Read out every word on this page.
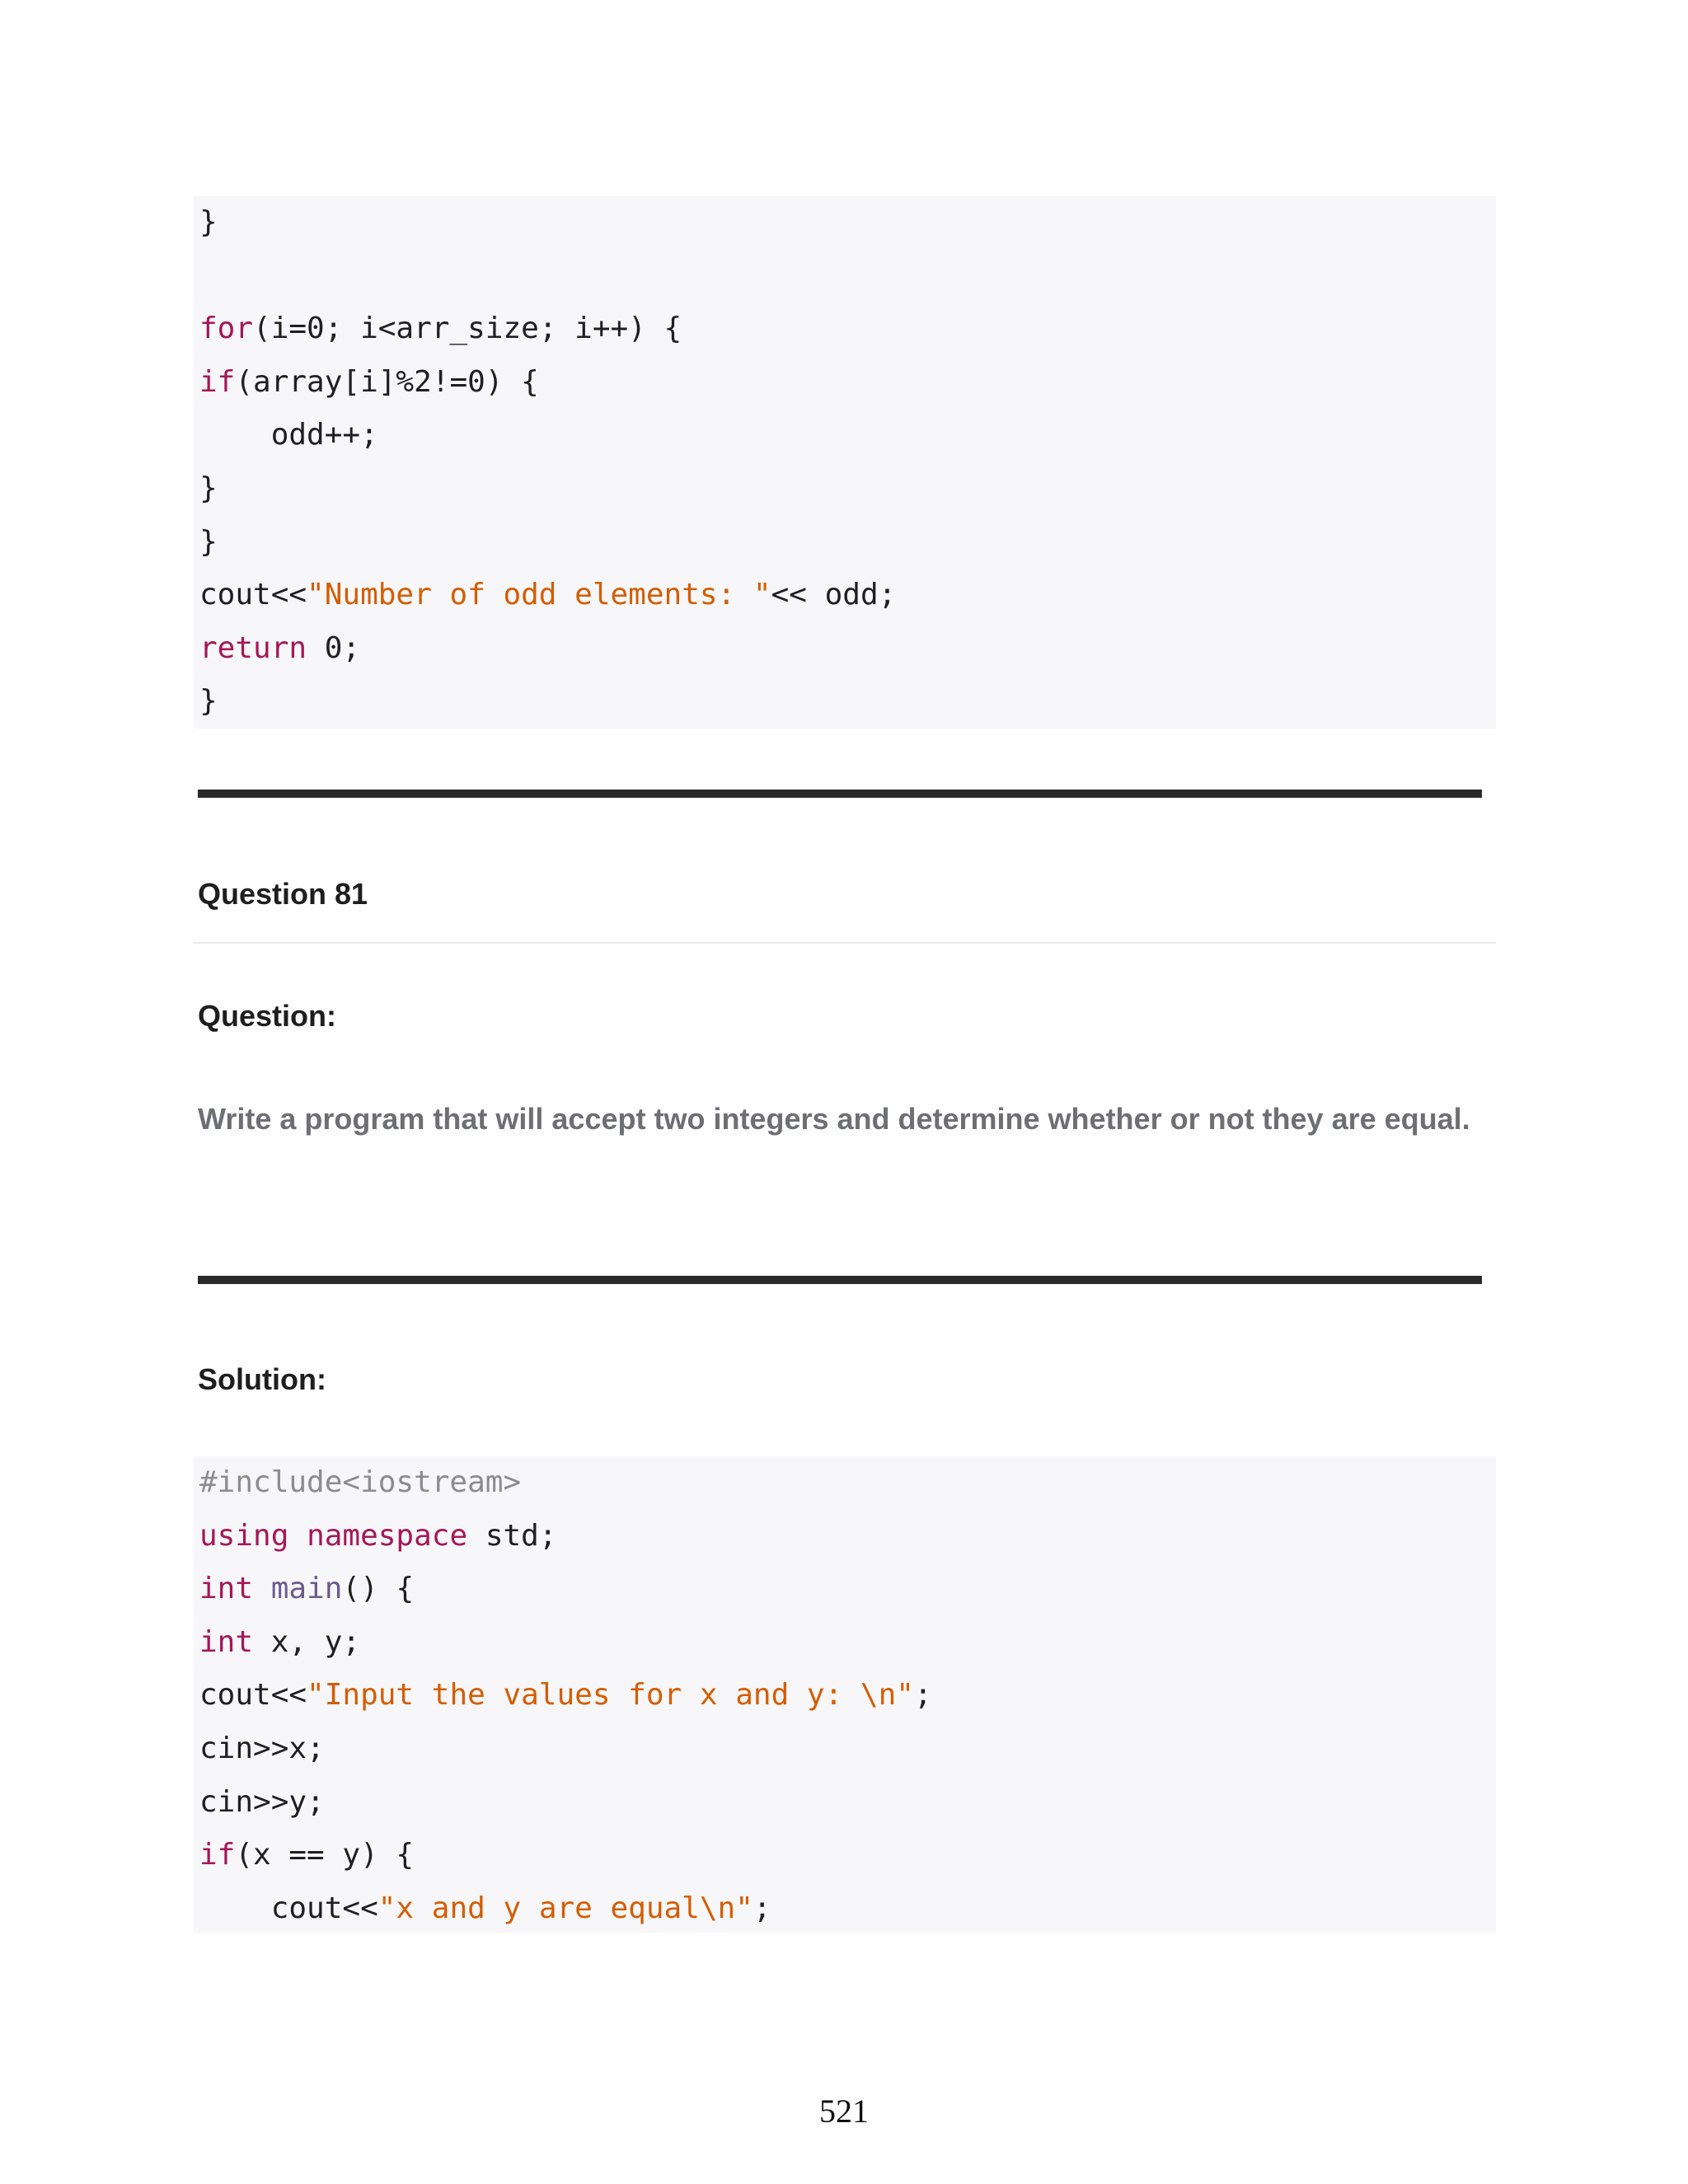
}
for(i=0; i<arr_size; i++) {
if(array[i]%2!=0) {
odd++;
}
}
cout<<"Number of odd elements: "<< odd;
return 0;
}
Question 81
Question:
Write a program that will accept two integers and determine whether or not they are equal.
Solution:
#include<iostream>
using namespace std;
int main() {
int x, y;
cout<<"Input the values for x and y: \n";
cin>>x;
cin>>y;
if(x == y) {
cout<<"x and y are equal\n";
521
